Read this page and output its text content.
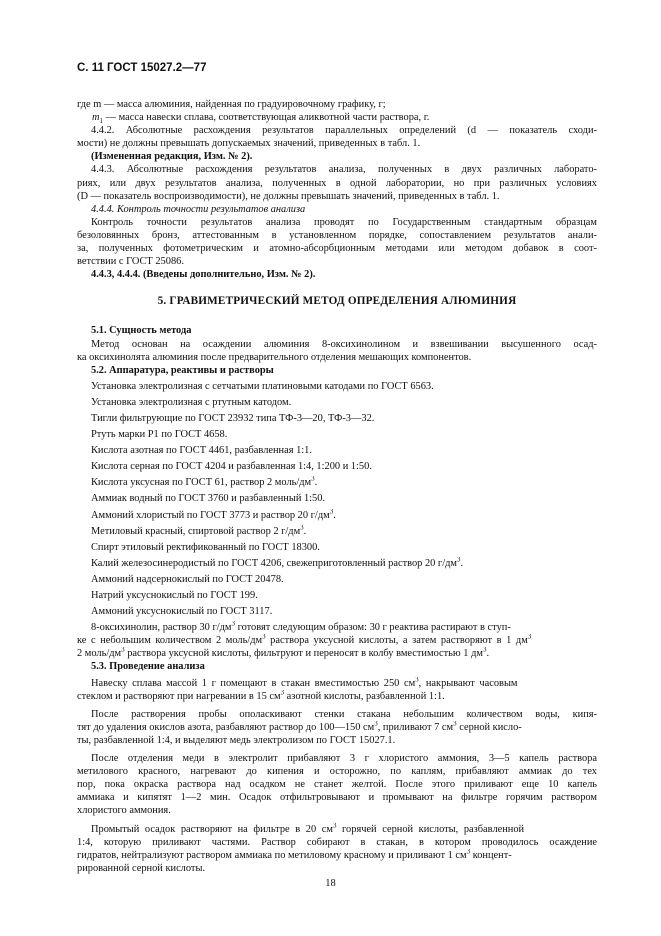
С. 11 ГОСТ 15027.2—77
где m — масса алюминия, найденная по градуировочному графику, г;
$m_1$ — масса навески сплава, соответствующая аликвотной части раствора, г.
4.4.2. Абсолютные расхождения результатов параллельных определений (d — показатель сходи-
мости) не должны превышать допускаемых значений, приведенных в табл. 1.
(Измененная редакция, Изм. № 2).
4.4.3. Абсолютные расхождения результатов анализа, полученных в двух различных лаборато-
риях, или двух результатов анализа, полученных в одной лаборатории, но при различных условиях
(D — показатель воспроизводимости), не должны превышать значений, приведенных в табл. 1.
4.4.4. Контроль точности результатов анализа
Контроль точности результатов анализа проводят по Государственным стандартным образцам
безоловянных бронз, аттестованным в установленном порядке, сопоставлением результатов анали-
за, полученных фотометрическим и атомно-абсорбционным методами или методом добавок в соот-
ветствии с ГОСТ 25086.
4.4.3, 4.4.4. (Введены дополнительно, Изм. № 2).
5. ГРАВИМЕТРИЧЕСКИЙ МЕТОД ОПРЕДЕЛЕНИЯ АЛЮМИНИЯ
5.1. Сущность метода
Метод основан на осаждении алюминия 8-оксихинолином и взвешивании высушенного осад-
ка оксихинолята алюминия после предварительного отделения мешающих компонентов.
5.2. Аппаратура, реактивы и растворы
Установка электролизная с сетчатыми платиновыми катодами по ГОСТ 6563.
Установка электролизная с ртутным катодом.
Тигли фильтрующие по ГОСТ 23932 типа ТФ-3—20, ТФ-3—32.
Ртуть марки Р1 по ГОСТ 4658.
Кислота азотная по ГОСТ 4461, разбавленная 1:1.
Кислота серная по ГОСТ 4204 и разбавленная 1:4, 1:200 и 1:50.
Кислота уксусная по ГОСТ 61, раствор 2 моль/$дм^3$.
Аммиак водный по ГОСТ 3760 и разбавленный 1:50.
Аммоний хлористый по ГОСТ 3773 и раствор 20 $г/дм^3$.
Метиловый красный, спиртовой раствор 2 $г/дм^3$.
Спирт этиловый ректификованный по ГОСТ 18300.
Калий железосинеродистый по ГОСТ 4206, свежеприготовленный раствор 20 $г/дм^3$.
Аммоний надсернокислый по ГОСТ 20478.
Натрий уксуснокислый по ГОСТ 199.
Аммоний уксуснокислый по ГОСТ 3117.
8-оксихинолин, раствор 30 $г/дм^3$ готовят следующим образом: 30 г реактива растирают в ступ-
ке с небольшим количеством 2 моль/$дм^3$ раствора уксусной кислоты, а затем растворяют в 1 $дм^3$
2 моль/$дм^3$ раствора уксусной кислоты, фильтруют и переносят в колбу вместимостью 1 $дм^3$.
5.3. Проведение анализа
Навеску сплава массой 1 г помещают в стакан вместимостью 250 $см^3$, накрывают часовым
стеклом и растворяют при нагревании в 15 $см^3$ азотной кислоты, разбавленной 1:1.
После растворения пробы ополаскивают стенки стакана небольшим количеством воды, кипя-
тят до удаления окислов азота, разбавляют раствор до 100—150 $см^3$, приливают 7 $см^3$ серной кисло-
ты, разбавленной 1:4, и выделяют медь электролизом по ГОСТ 15027.1.
После отделения меди в электролит прибавляют 3 г хлористого аммония, 3—5 капель раствора
метилового красного, нагревают до кипения и осторожно, по каплям, прибавляют аммиак до тех
пор, пока окраска раствора над осадком не станет желтой. После этого приливают еще 10 капель
аммиака и кипятят 1—2 мин. Осадок отфильтровывают и промывают на фильтре горячим раствором
хлористого аммония.
Промытый осадок растворяют на фильтре в 20 $см^3$ горячей серной кислоты, разбавленной
1:4, которую приливают частями. Раствор собирают в стакан, в котором проводилось осаждение
гидратов, нейтрализуют раствором аммиака по метиловому красному и приливают 1 $см^3$ концент-
рированной серной кислоты.
18
